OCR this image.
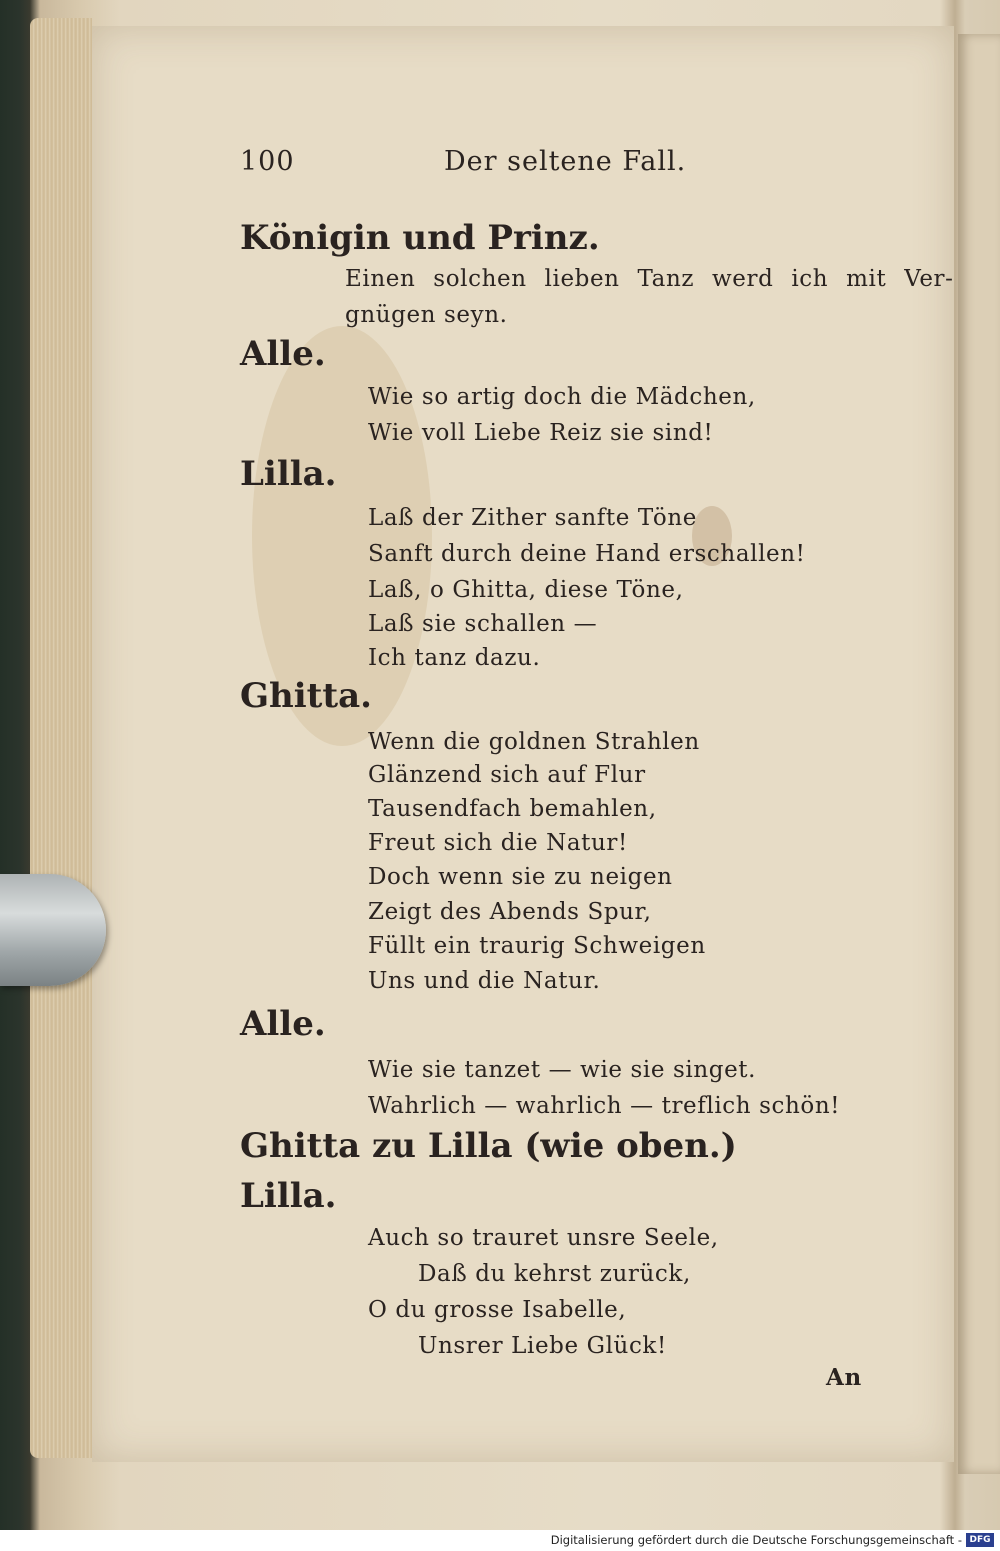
100	Der seltene Fall.
Königin und Prinz.
Einen solchen lieben Tanz werd ich mit Ver-
gnügen seyn.
Alle.
Wie so artig doch die Mädchen,
Wie voll Liebe Reiz sie sind!
Lilla.
Laß der Zither sanfte Töne
Sanft durch deine Hand erschallen!
Laß, o Ghitta, diese Töne,
Laß sie schallen —
Ich tanz dazu.
Ghitta.
Wenn die goldnen Strahlen
Glänzend sich auf Flur
Tausendfach bemahlen,
Freut sich die Natur!
Doch wenn sie zu neigen
Zeigt des Abends Spur,
Füllt ein traurig Schweigen
Uns und die Natur.
Alle.
Wie sie tanzet — wie sie singet.
Wahrlich — wahrlich — treflich schön!
Ghitta zu Lilla (wie oben.)
Lilla.
Auch so trauret unsre Seele,
Daß du kehrst zurück,
O du grosse Isabelle,
Unsrer Liebe Glück!
An
Digitalisierung gefördert durch die Deutsche Forschungsgemeinschaft - DFG
